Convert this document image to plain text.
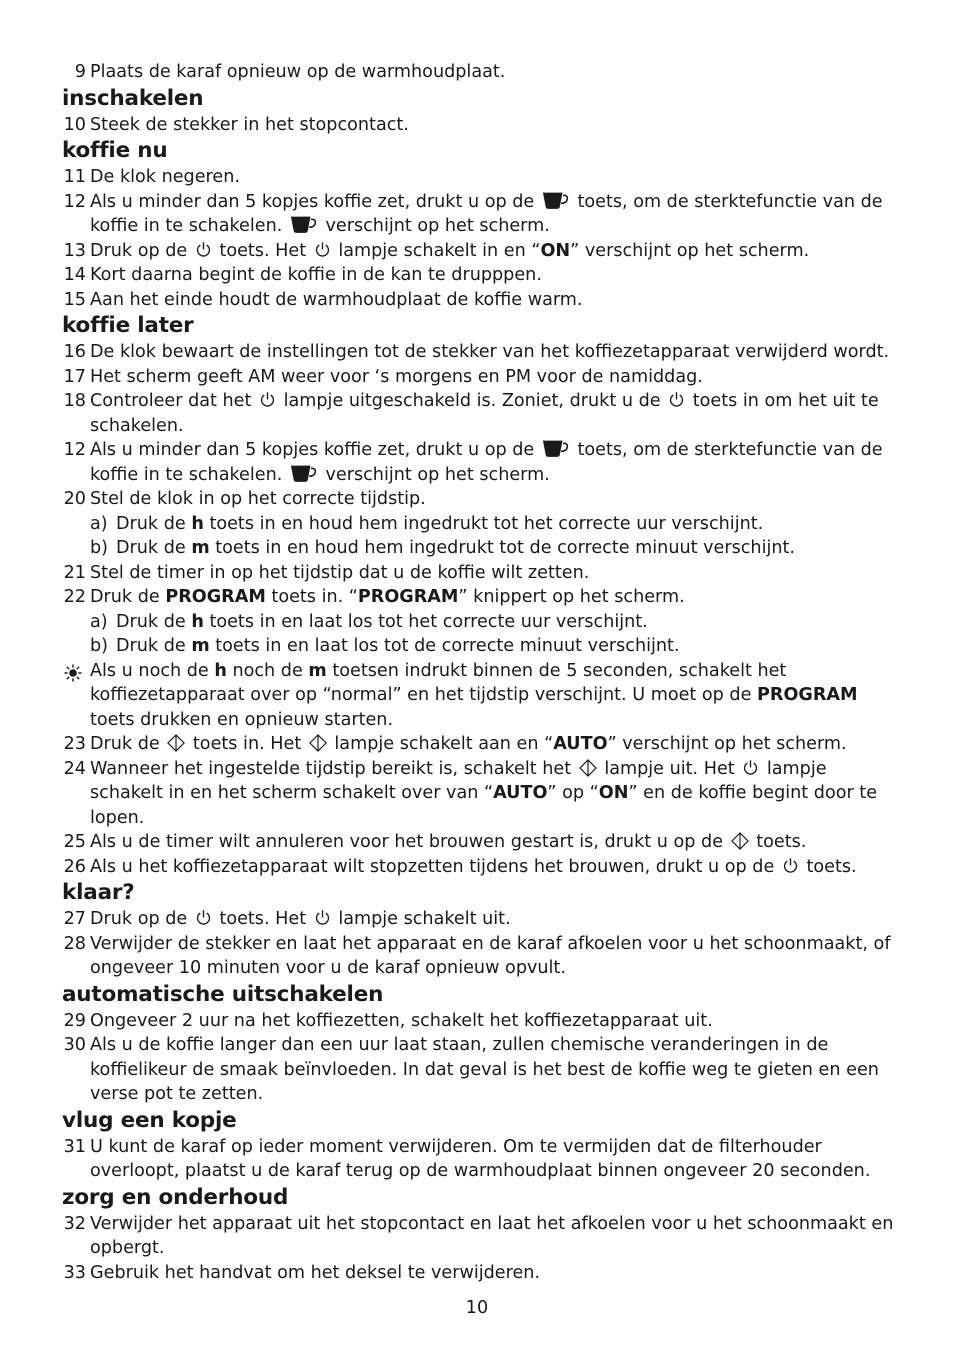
9 Plaats de karaf opnieuw op de warmhoudplaat.
inschakelen
10 Steek de stekker in het stopcontact.
koffie nu
11 De klok negeren.
12 Als u minder dan 5 kopjes koffie zet, drukt u op de toets, om de sterktefunctie van de koffie in te schakelen. verschijnt op het scherm.
13 Druk op de toets. Het lampje schakelt in en “ON” verschijnt op het scherm.
14 Kort daarna begint de koffie in de kan te drupppen.
15 Aan het einde houdt de warmhoudplaat de koffie warm.
koffie later
16 De klok bewaart de instellingen tot de stekker van het koffiezetapparaat verwijderd wordt.
17 Het scherm geeft AM weer voor ‘s morgens en PM voor de namiddag.
18 Controleer dat het lampje uitgeschakeld is. Zoniet, drukt u de toets in om het uit te schakelen.
12 Als u minder dan 5 kopjes koffie zet, drukt u op de toets, om de sterktefunctie van de koffie in te schakelen. verschijnt op het scherm.
20 Stel de klok in op het correcte tijdstip.
a) Druk de h toets in en houd hem ingedrukt tot het correcte uur verschijnt.
b) Druk de m toets in en houd hem ingedrukt tot de correcte minuut verschijnt.
21 Stel de timer in op het tijdstip dat u de koffie wilt zetten.
22 Druk de PROGRAM toets in. “PROGRAM” knippert op het scherm.
a) Druk de h toets in en laat los tot het correcte uur verschijnt.
b) Druk de m toets in en laat los tot de correcte minuut verschijnt.
Als u noch de h noch de m toetsen indrukt binnen de 5 seconden, schakelt het koffiezetapparaat over op “normal” en het tijdstip verschijnt. U moet op de PROGRAM toets drukken en opnieuw starten.
23 Druk de toets in. Het lampje schakelt aan en “AUTO” verschijnt op het scherm.
24 Wanneer het ingestelde tijdstip bereikt is, schakelt het lampje uit. Het lampje schakelt in en het scherm schakelt over van “AUTO” op “ON” en de koffie begint door te lopen.
25 Als u de timer wilt annuleren voor het brouwen gestart is, drukt u op de toets.
26 Als u het koffiezetapparaat wilt stopzetten tijdens het brouwen, drukt u op de toets.
klaar?
27 Druk op de toets. Het lampje schakelt uit.
28 Verwijder de stekker en laat het apparaat en de karaf afkoelen voor u het schoonmaakt, of ongeveer 10 minuten voor u de karaf opnieuw opvult.
automatische uitschakelen
29 Ongeveer 2 uur na het koffiezetten, schakelt het koffiezetapparaat uit.
30 Als u de koffie langer dan een uur laat staan, zullen chemische veranderingen in de koffielikeur de smaak beïnvloeden. In dat geval is het best de koffie weg te gieten en een verse pot te zetten.
vlug een kopje
31 U kunt de karaf op ieder moment verwijderen. Om te vermijden dat de filterhouder overloopt, plaatst u de karaf terug op de warmhoudplaat binnen ongeveer 20 seconden.
zorg en onderhoud
32 Verwijder het apparaat uit het stopcontact en laat het afkoelen voor u het schoonmaakt en opbergt.
33 Gebruik het handvat om het deksel te verwijderen.
10
